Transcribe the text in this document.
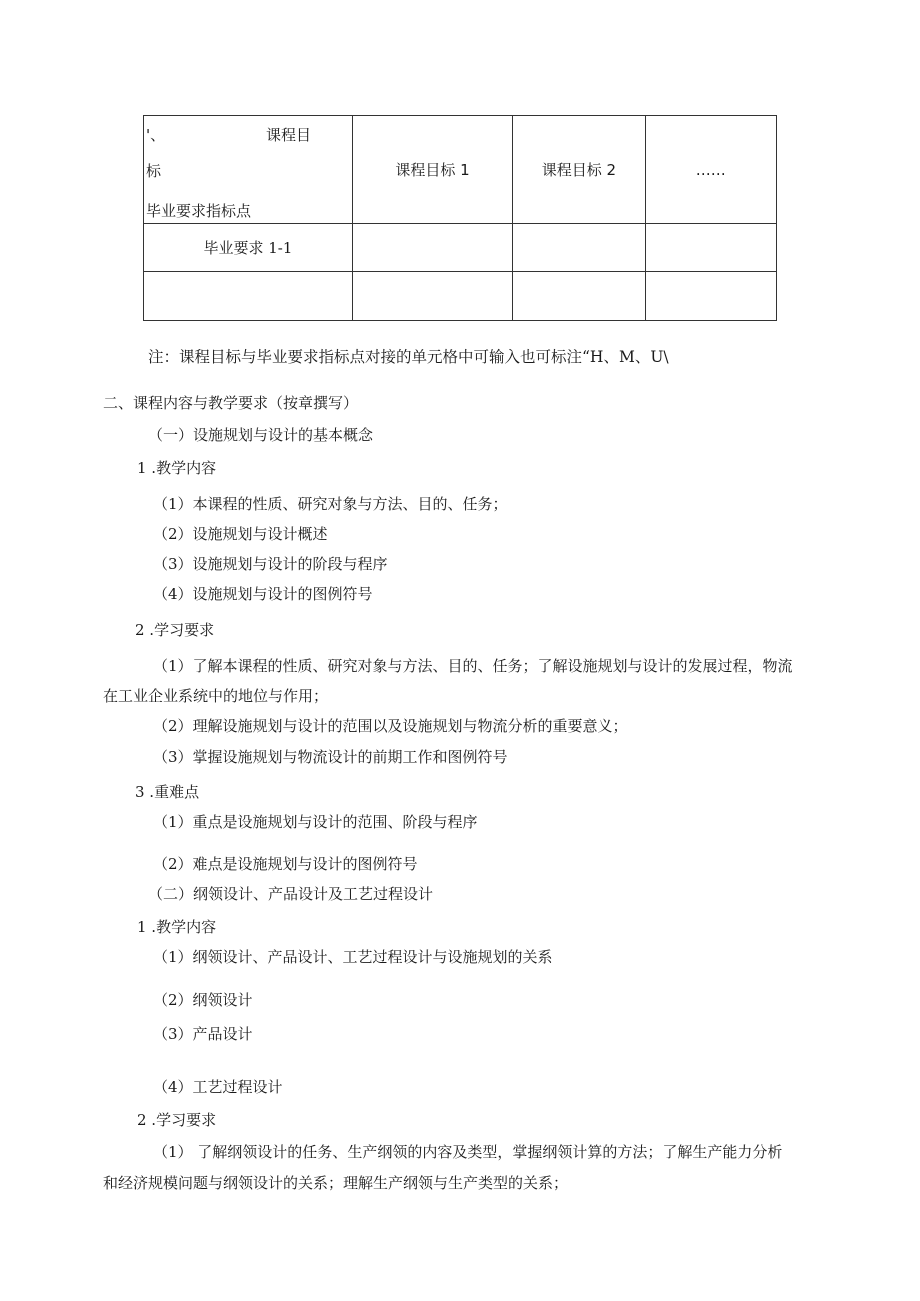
'、 课程目
标
毕业要求指标点	课程目标 1	课程目标 2	……
毕业要求 1-1			

注：课程目标与毕业要求指标点对接的单元格中可输入也可标注“H、M、U\
二、课程内容与教学要求（按章撰写）
（一）设施规划与设计的基本概念
1 .教学内容
（1）本课程的性质、研究对象与方法、目的、任务；
（2）设施规划与设计概述
（3）设施规划与设计的阶段与程序
（4）设施规划与设计的图例符号
2 .学习要求
（1）了解本课程的性质、研究对象与方法、目的、任务；了解设施规划与设计的发展过程，物流
在工业企业系统中的地位与作用；
（2）理解设施规划与设计的范围以及设施规划与物流分析的重要意义；
（3）掌握设施规划与物流设计的前期工作和图例符号
3 .重难点
（1）重点是设施规划与设计的范围、阶段与程序
（2）难点是设施规划与设计的图例符号
（二）纲领设计、产品设计及工艺过程设计
1 .教学内容
（1）纲领设计、产品设计、工艺过程设计与设施规划的关系
（2）纲领设计
（3）产品设计
（4）工艺过程设计
2 .学习要求
（1） 了解纲领设计的任务、生产纲领的内容及类型，掌握纲领计算的方法；了解生产能力分析
和经济规模问题与纲领设计的关系；理解生产纲领与生产类型的关系；
